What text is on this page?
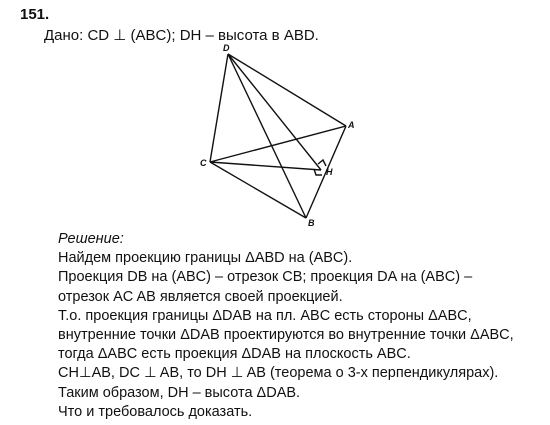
151.
Дано: CD ⊥ (ABC); DH – высота в ABD.
D
A
C
H
B

Решение:

Найдем проекцию границы ΔABD на (ABC).

Проекция DB на (ABC) – отрезок CB; проекция DA на (ABC) –

отрезок AC AB является своей проекцией.

Т.о. проекция границы ΔDAB на пл. ABC есть стороны ΔABC,

внутренние точки ΔDAB проектируются во внутренние точки ΔABC,

тогда ΔABC есть проекция ΔDAB на плоскость ABC.

CH⊥AB, DC ⊥ AB, то DH ⊥ AB (теорема о 3-х перпендикулярах).

Таким образом, DH – высота ΔDAB.

Что и требовалось доказать.
